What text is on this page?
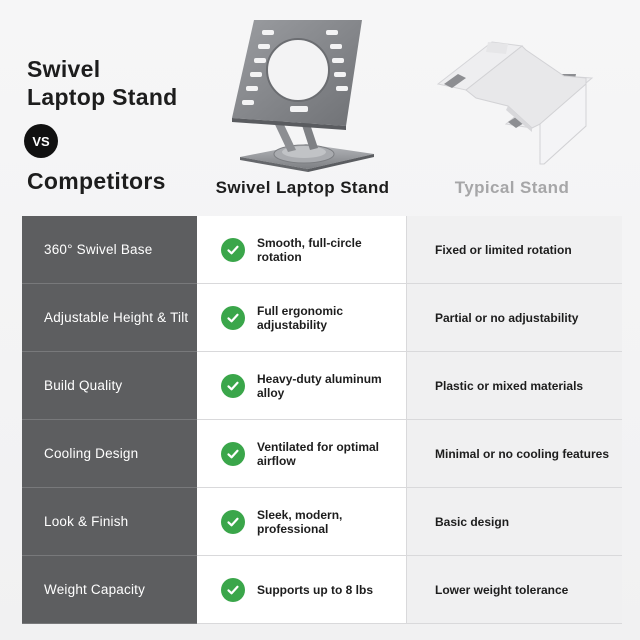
Swivel
Laptop Stand
VS
Competitors	Swivel Laptop Stand	Typical Stand
360° Swivel Base	Smooth, full-circle rotation	Fixed or limited rotation
Adjustable Height & Tilt	Full ergonomic adjustability	Partial or no adjustability
Build Quality	Heavy-duty aluminum alloy	Plastic or mixed materials
Cooling Design	Ventilated for optimal airflow	Minimal or no cooling features
Look & Finish	Sleek, modern, professional	Basic design
Weight Capacity	Supports up to 8 lbs	Lower weight tolerance
